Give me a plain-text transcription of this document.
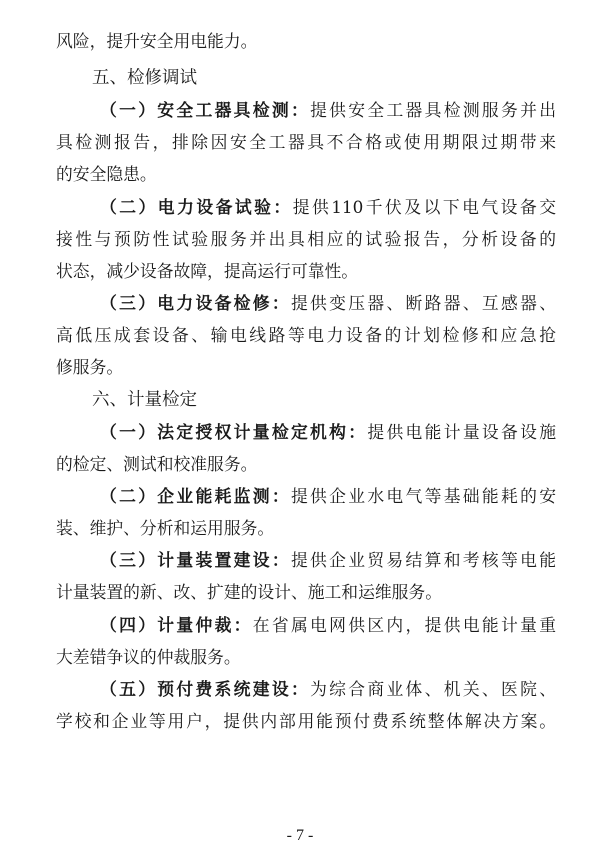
风险，提升安全用电能力。
五、检修调试
（一）安全工器具检测：提供安全工器具检测服务并出
具检测报告，排除因安全工器具不合格或使用期限过期带来
的安全隐患。
（二）电力设备试验：提供110千伏及以下电气设备交
接性与预防性试验服务并出具相应的试验报告，分析设备的
状态，减少设备故障，提高运行可靠性。
（三）电力设备检修：提供变压器、断路器、互感器、
高低压成套设备、输电线路等电力设备的计划检修和应急抢
修服务。
六、计量检定
（一）法定授权计量检定机构：提供电能计量设备设施
的检定、测试和校准服务。
（二）企业能耗监测：提供企业水电气等基础能耗的安
装、维护、分析和运用服务。
（三）计量装置建设：提供企业贸易结算和考核等电能
计量装置的新、改、扩建的设计、施工和运维服务。
（四）计量仲裁：在省属电网供区内，提供电能计量重
大差错争议的仲裁服务。
（五）预付费系统建设：为综合商业体、机关、医院、
学校和企业等用户，提供内部用能预付费系统整体解决方案。
- 7 -
